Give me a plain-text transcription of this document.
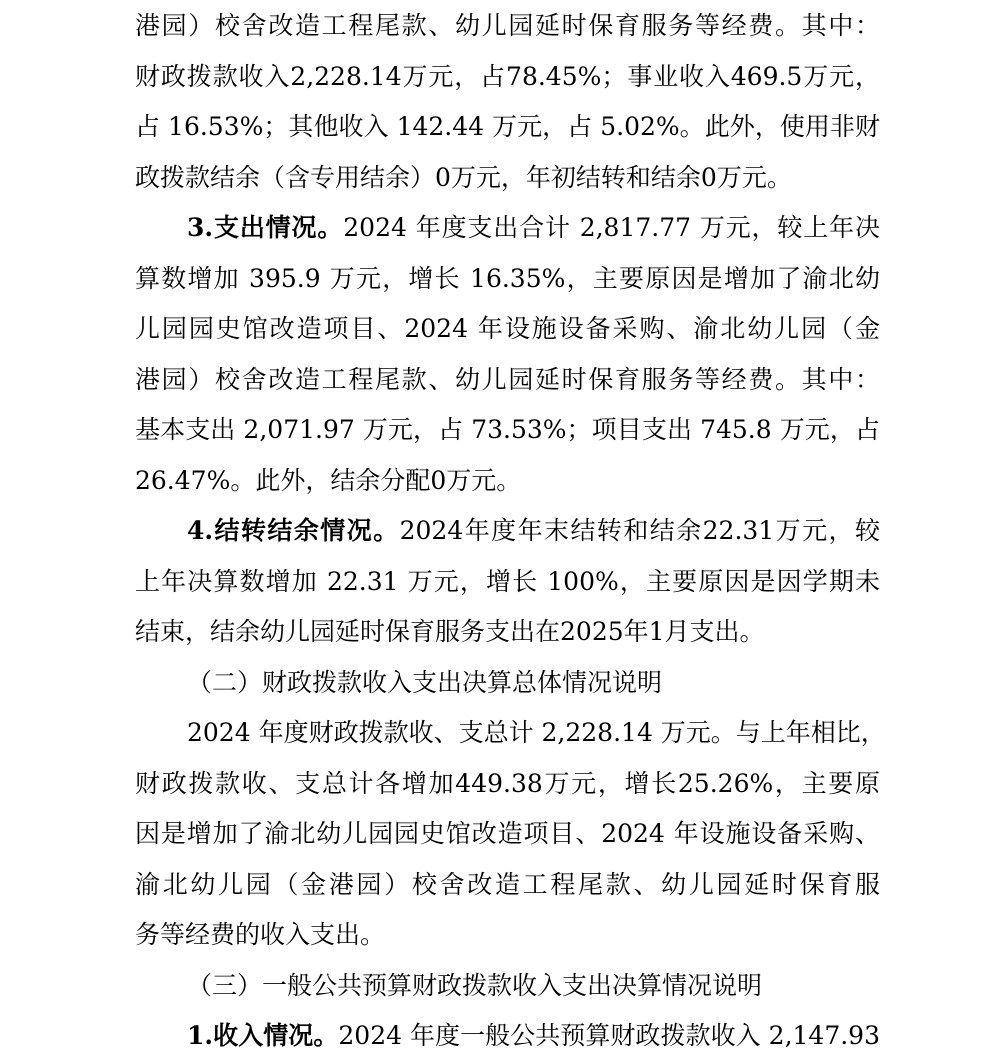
港园）校舍改造工程尾款、幼儿园延时保育服务等经费。其中：
财政拨款收入2,228.14万元，占78.45%；事业收入469.5万元，
占 16.53%；其他收入 142.44 万元，占 5.02%。此外，使用非财
政拨款结余（含专用结余）0万元，年初结转和结余0万元。
3.支出情况。2024 年度支出合计 2,817.77 万元，较上年决
算数增加 395.9 万元，增长 16.35%，主要原因是增加了渝北幼
儿园园史馆改造项目、2024 年设施设备采购、渝北幼儿园（金
港园）校舍改造工程尾款、幼儿园延时保育服务等经费。其中：
基本支出 2,071.97 万元，占 73.53%；项目支出 745.8 万元，占
26.47%。此外，结余分配0万元。
4.结转结余情况。2024年度年末结转和结余22.31万元，较
上年决算数增加 22.31 万元，增长 100%，主要原因是因学期未
结束，结余幼儿园延时保育服务支出在2025年1月支出。
（二）财政拨款收入支出决算总体情况说明
2024 年度财政拨款收、支总计 2,228.14 万元。与上年相比，
财政拨款收、支总计各增加449.38万元，增长25.26%，主要原
因是增加了渝北幼儿园园史馆改造项目、2024 年设施设备采购、
渝北幼儿园（金港园）校舍改造工程尾款、幼儿园延时保育服
务等经费的收入支出。
（三）一般公共预算财政拨款收入支出决算情况说明
1.收入情况。2024 年度一般公共预算财政拨款收入 2,147.93
